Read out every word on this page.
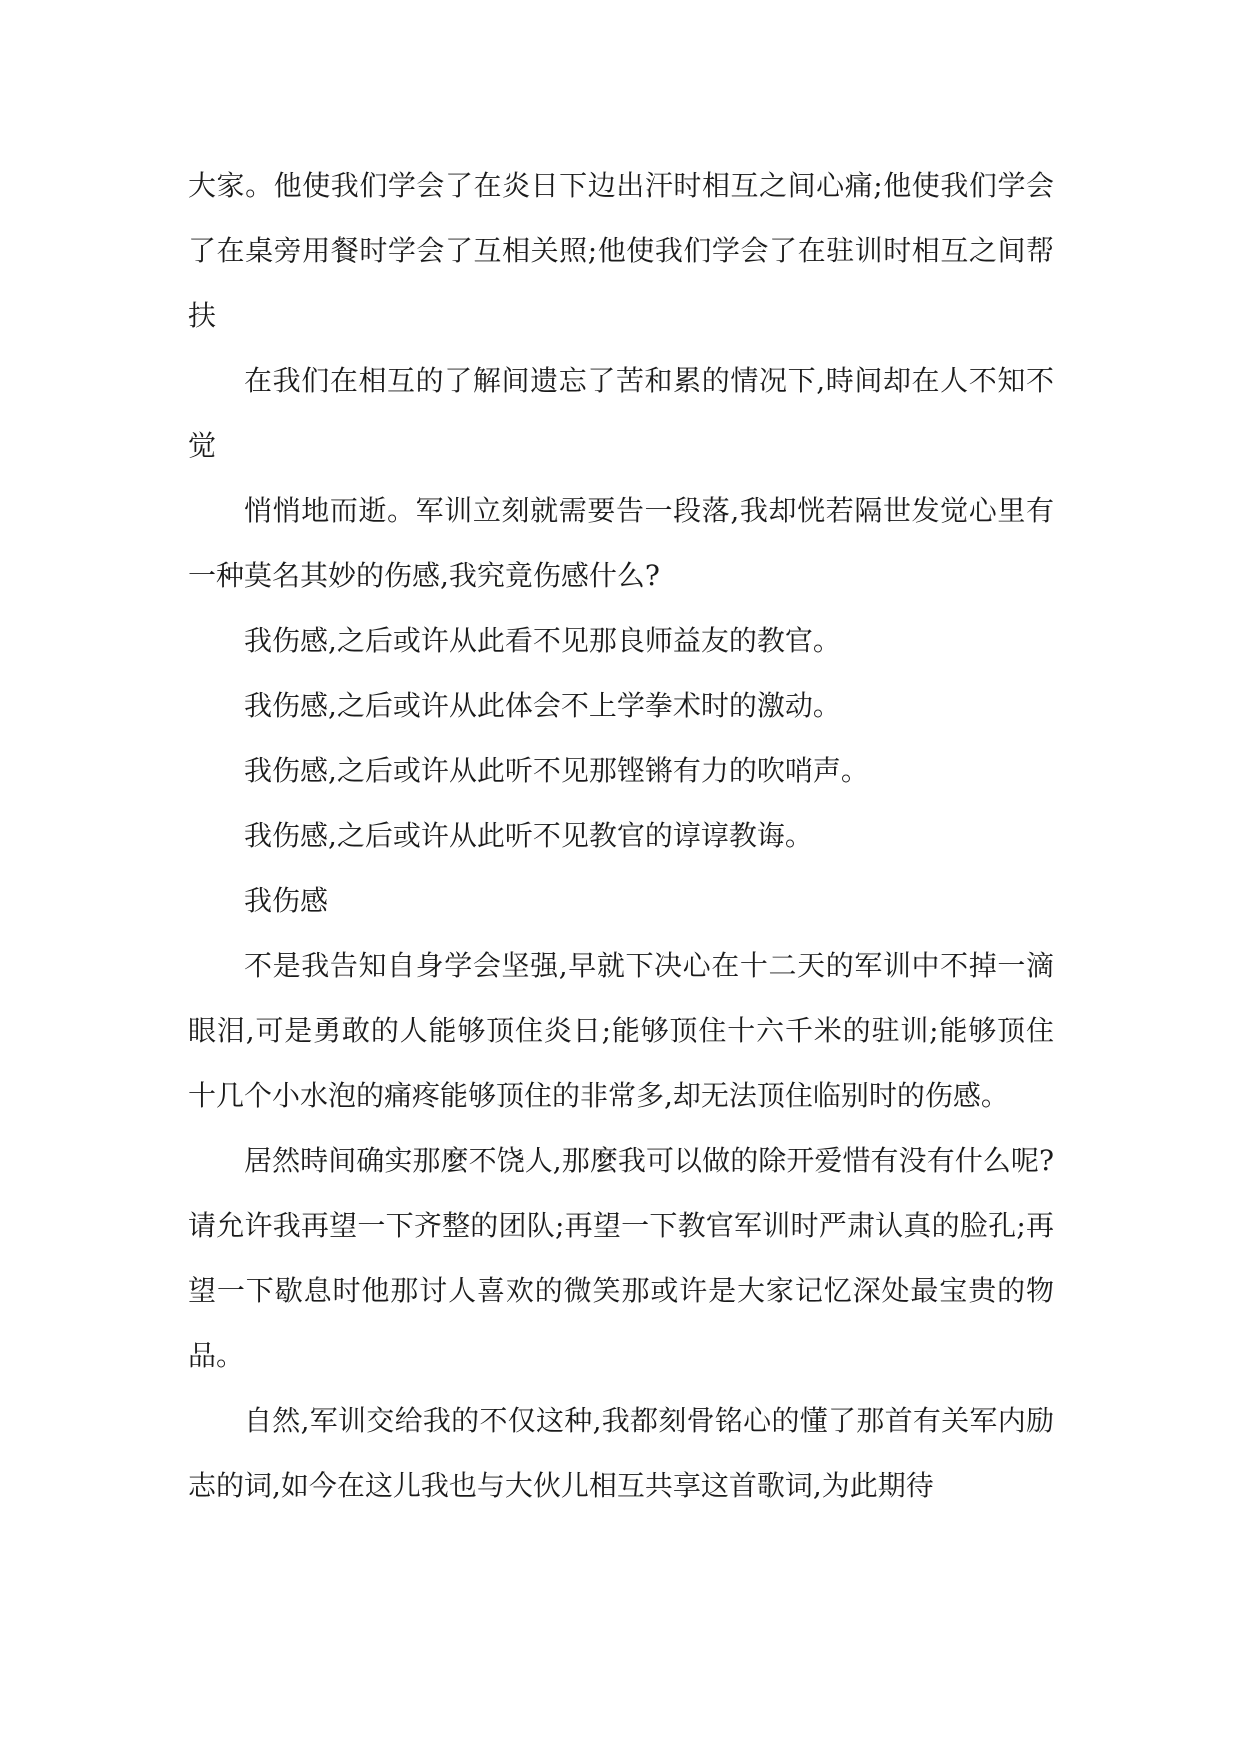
大家。他使我们学会了在炎日下边出汗时相互之间心痛;他使我们学会了在桌旁用餐时学会了互相关照;他使我们学会了在驻训时相互之间帮扶

在我们在相互的了解间遗忘了苦和累的情况下,時间却在人不知不觉

悄悄地而逝。军训立刻就需要告一段落,我却恍若隔世发觉心里有一种莫名其妙的伤感,我究竟伤感什么?

我伤感,之后或许从此看不见那良师益友的教官。

我伤感,之后或许从此体会不上学拳术时的激动。

我伤感,之后或许从此听不见那铿锵有力的吹哨声。

我伤感,之后或许从此听不见教官的谆谆教诲。

我伤感

不是我告知自身学会坚强,早就下决心在十二天的军训中不掉一滴眼泪,可是勇敢的人能够顶住炎日;能够顶住十六千米的驻训;能够顶住十几个小水泡的痛疼能够顶住的非常多,却无法顶住临别时的伤感。

居然時间确实那麼不饶人,那麼我可以做的除开爱惜有没有什么呢?请允许我再望一下齐整的团队;再望一下教官军训时严肃认真的脸孔;再望一下歇息时他那讨人喜欢的微笑那或许是大家记忆深处最宝贵的物品。

自然,军训交给我的不仅这种,我都刻骨铭心的懂了那首有关军内励志的词,如今在这儿我也与大伙儿相互共享这首歌词,为此期待
